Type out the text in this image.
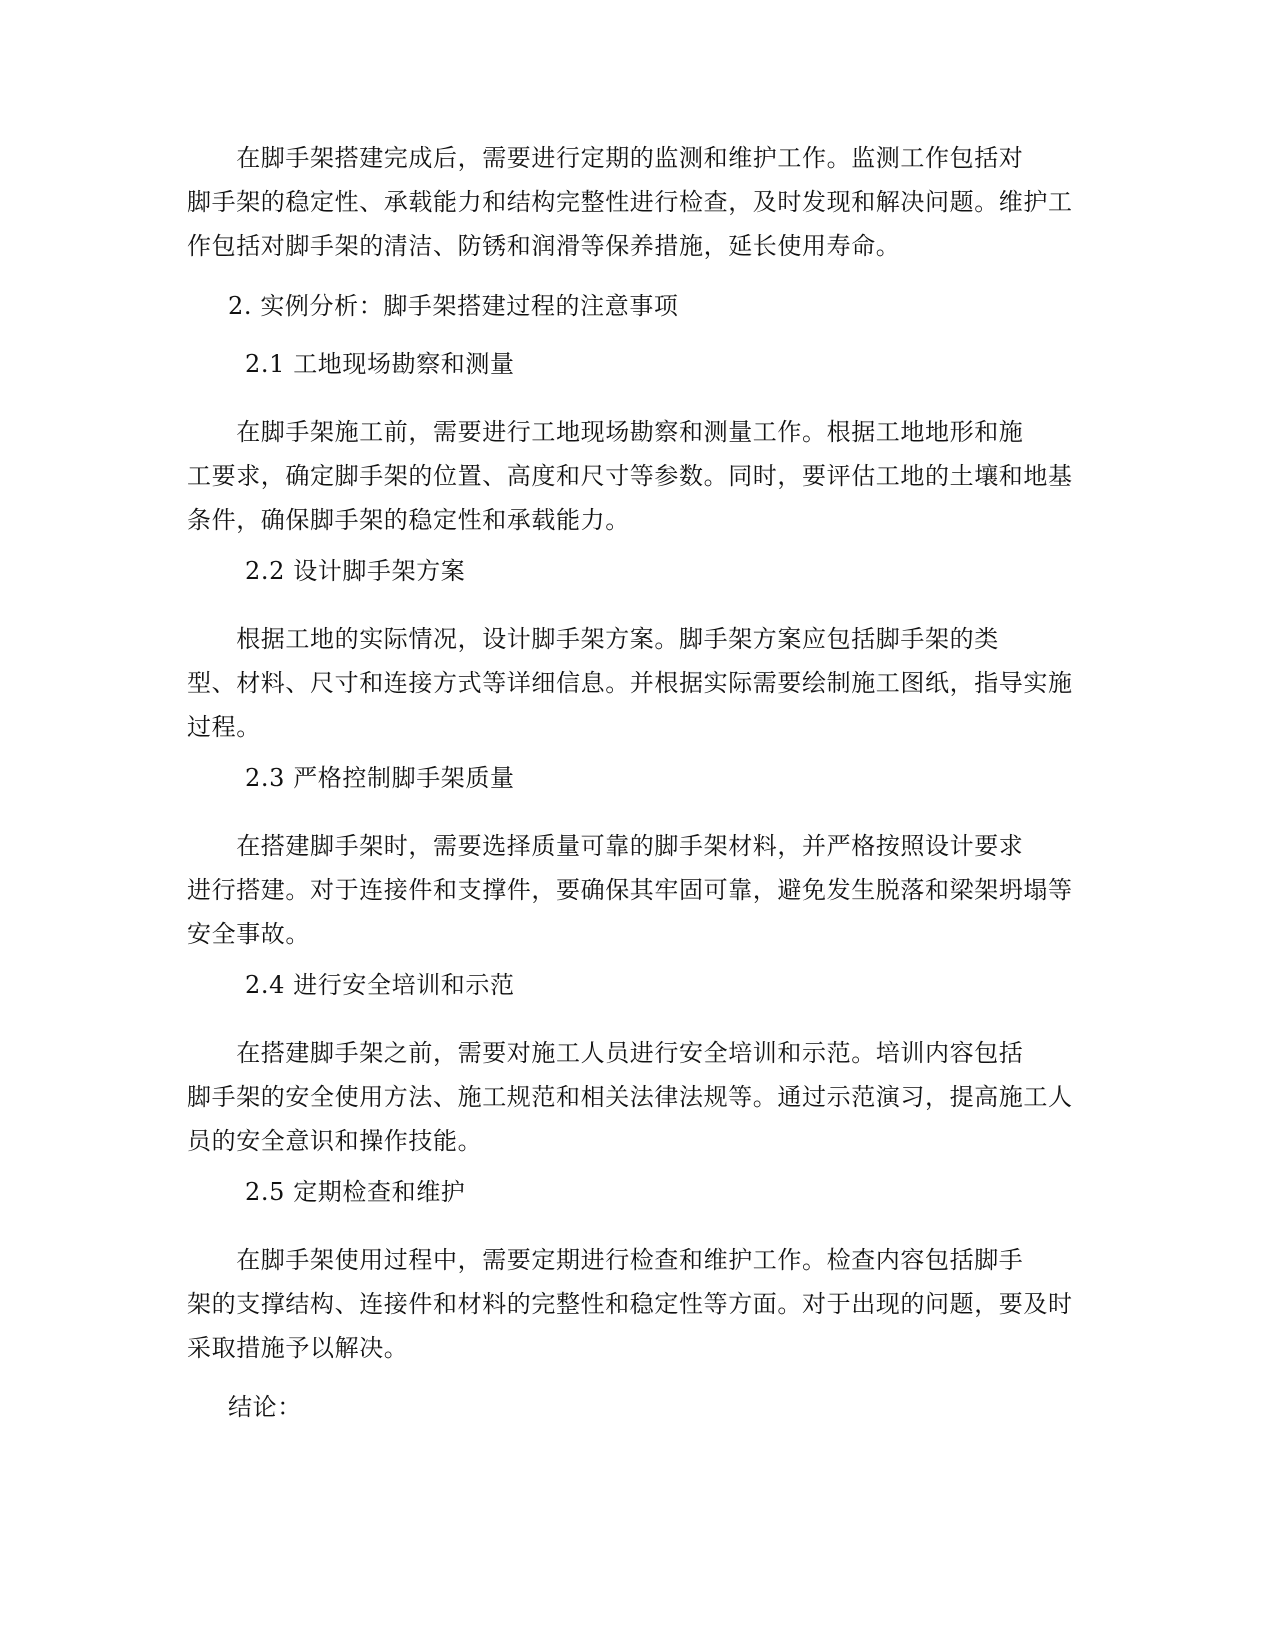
　　在脚手架搭建完成后，需要进行定期的监测和维护工作。监测工作包括对
脚手架的稳定性、承载能力和结构完整性进行检查，及时发现和解决问题。维护工
作包括对脚手架的清洁、防锈和润滑等保养措施，延长使用寿命。

2. 实例分析：脚手架搭建过程的注意事项

2.1 工地现场勘察和测量

　　在脚手架施工前，需要进行工地现场勘察和测量工作。根据工地地形和施
工要求，确定脚手架的位置、高度和尺寸等参数。同时，要评估工地的土壤和地基
条件，确保脚手架的稳定性和承载能力。

2.2 设计脚手架方案

　　根据工地的实际情况，设计脚手架方案。脚手架方案应包括脚手架的类
型、材料、尺寸和连接方式等详细信息。并根据实际需要绘制施工图纸，指导实施
过程。

2.3 严格控制脚手架质量

　　在搭建脚手架时，需要选择质量可靠的脚手架材料，并严格按照设计要求
进行搭建。对于连接件和支撑件，要确保其牢固可靠，避免发生脱落和梁架坍塌等
安全事故。

2.4 进行安全培训和示范

　　在搭建脚手架之前，需要对施工人员进行安全培训和示范。培训内容包括
脚手架的安全使用方法、施工规范和相关法律法规等。通过示范演习，提高施工人
员的安全意识和操作技能。

2.5 定期检查和维护

　　在脚手架使用过程中，需要定期进行检查和维护工作。检查内容包括脚手
架的支撑结构、连接件和材料的完整性和稳定性等方面。对于出现的问题，要及时
采取措施予以解决。

结论：
